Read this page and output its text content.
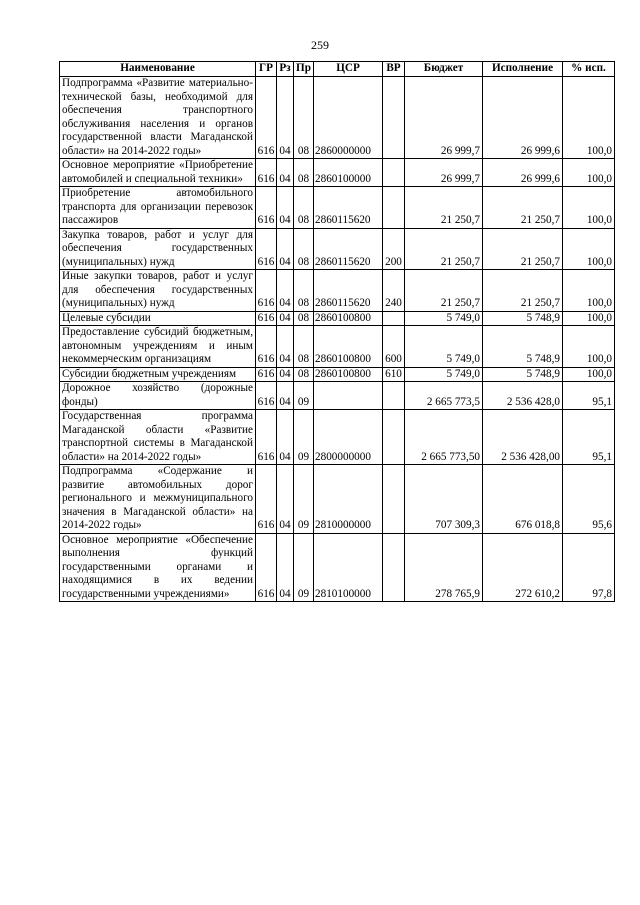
259
Наименование	ГР	Рз	Пр	ЦСР	ВР	Бюджет	Исполнение	% исп.
Подпрограмма «Развитие материально-технической базы, необходимой для обеспечения транспортного обслуживания населения и органов государственной власти Магаданской области» на 2014-2022 годы»	616	04	08	2860000000		26 999,7	26 999,6	100,0
Основное мероприятие «Приобретение автомобилей и специальной техники»	616	04	08	2860100000		26 999,7	26 999,6	100,0
Приобретение автомобильного транспорта для организации перевозок пассажиров	616	04	08	2860115620		21 250,7	21 250,7	100,0
Закупка товаров, работ и услуг для обеспечения государственных (муниципальных) нужд	616	04	08	2860115620	200	21 250,7	21 250,7	100,0
Иные закупки товаров, работ и услуг для обеспечения государственных (муниципальных) нужд	616	04	08	2860115620	240	21 250,7	21 250,7	100,0
Целевые субсидии	616	04	08	2860100800		5 749,0	5 748,9	100,0
Предоставление субсидий бюджетным, автономным учреждениям и иным некоммерческим организациям	616	04	08	2860100800	600	5 749,0	5 748,9	100,0
Субсидии бюджетным учреждениям	616	04	08	2860100800	610	5 749,0	5 748,9	100,0
Дорожное хозяйство (дорожные фонды)	616	04	09			2 665 773,5	2 536 428,0	95,1
Государственная программа Магаданской области «Развитие транспортной системы в Магаданской области» на 2014-2022 годы»	616	04	09	2800000000		2 665 773,50	2 536 428,00	95,1
Подпрограмма «Содержание и развитие автомобильных дорог регионального и межмуниципального значения в Магаданской области» на 2014-2022 годы»	616	04	09	2810000000		707 309,3	676 018,8	95,6
Основное мероприятие «Обеспечение выполнения функций государственными органами и находящимися в их ведении государственными учреждениями»	616	04	09	2810100000		278 765,9	272 610,2	97,8
